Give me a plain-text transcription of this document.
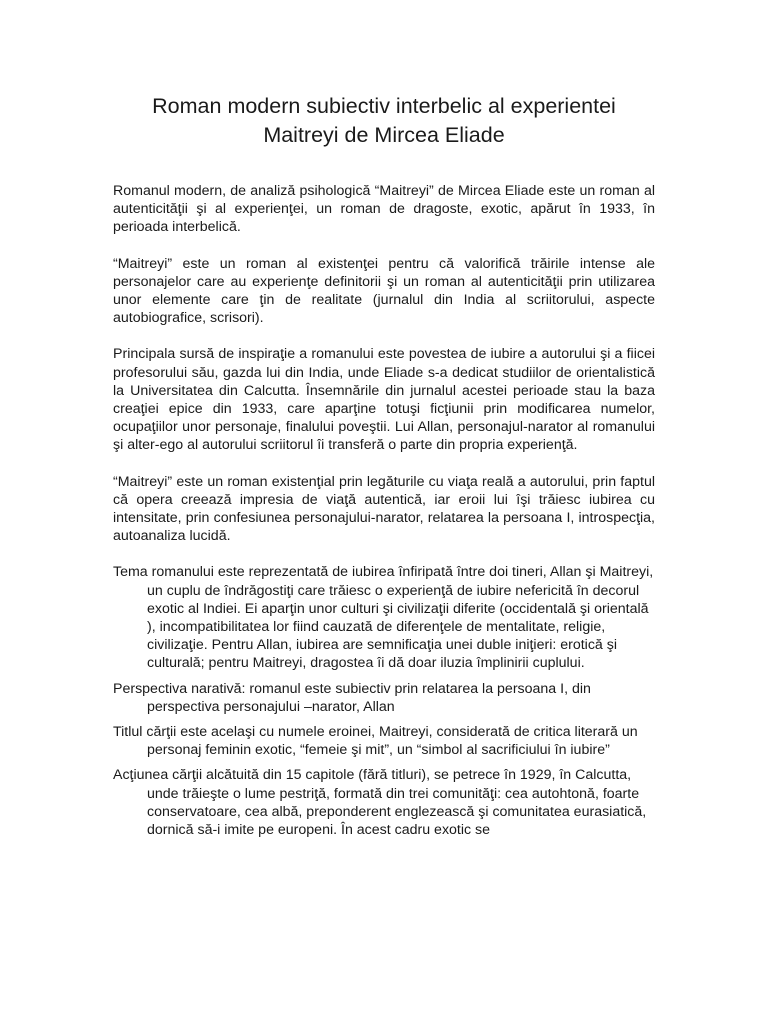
Roman modern subiectiv interbelic al experientei
Maitreyi de Mircea Eliade

Romanul modern, de analiză psihologică “Maitreyi” de Mircea Eliade este un roman al autenticităţii şi al experienţei, un roman de dragoste, exotic, apărut în 1933, în perioada interbelică.

“Maitreyi” este un roman al existenţei pentru că valorifică trăirile intense ale personajelor care au experienţe definitorii şi un roman al autenticităţii prin utilizarea unor elemente care ţin de realitate (jurnalul din India al scriitorului, aspecte autobiografice, scrisori).

Principala sursă de inspiraţie a romanului este povestea de iubire a autorului şi a fiicei profesorului său, gazda lui din India, unde Eliade s-a dedicat studiilor de orientalistică la Universitatea din Calcutta. Însemnările din jurnalul acestei perioade stau la baza creaţiei epice din 1933, care aparţine totuşi ficţiunii prin modificarea numelor, ocupaţiilor unor personaje, finalului poveştii. Lui Allan, personajul-narator al romanului şi alter-ego al autorului scriitorul îi transferă o parte din propria experienţă.

“Maitreyi” este un roman existenţial prin legăturile cu viaţa reală a autorului, prin faptul că opera creează impresia de viaţă autentică, iar eroii lui îşi trăiesc iubirea cu intensitate, prin confesiunea personajului-narator, relatarea la persoana I, introspecţia, autoanaliza lucidă.

Tema romanului este reprezentată de iubirea înfiripată între doi tineri, Allan şi Maitreyi, un cuplu de îndrăgostiţi care trăiesc o experienţă de iubire nefericită în decorul exotic al Indiei. Ei aparţin unor culturi şi civilizaţii diferite (occidentală şi orientală ), incompatibilitatea lor fiind cauzată de diferenţele de mentalitate, religie, civilizaţie. Pentru Allan, iubirea are semnificaţia unei duble iniţieri: erotică şi culturală; pentru Maitreyi, dragostea îi dă doar iluzia împlinirii cuplului.

Perspectiva narativă: romanul este subiectiv prin relatarea la persoana I, din perspectiva personajului –narator, Allan

Titlul cărţii este acelaşi cu numele eroinei, Maitreyi, considerată de critica literară un personaj feminin exotic, “femeie şi mit”, un “simbol al sacrificiului în iubire”

Acţiunea cărţii alcătuită din 15 capitole (fără titluri), se petrece în 1929, în Calcutta, unde trăieşte o lume pestriţă, formată din trei comunităţi: cea autohtonă, foarte conservatoare, cea albă, preponderent englezească şi comunitatea eurasiatică, dornică să-i imite pe europeni. În acest cadru exotic se
